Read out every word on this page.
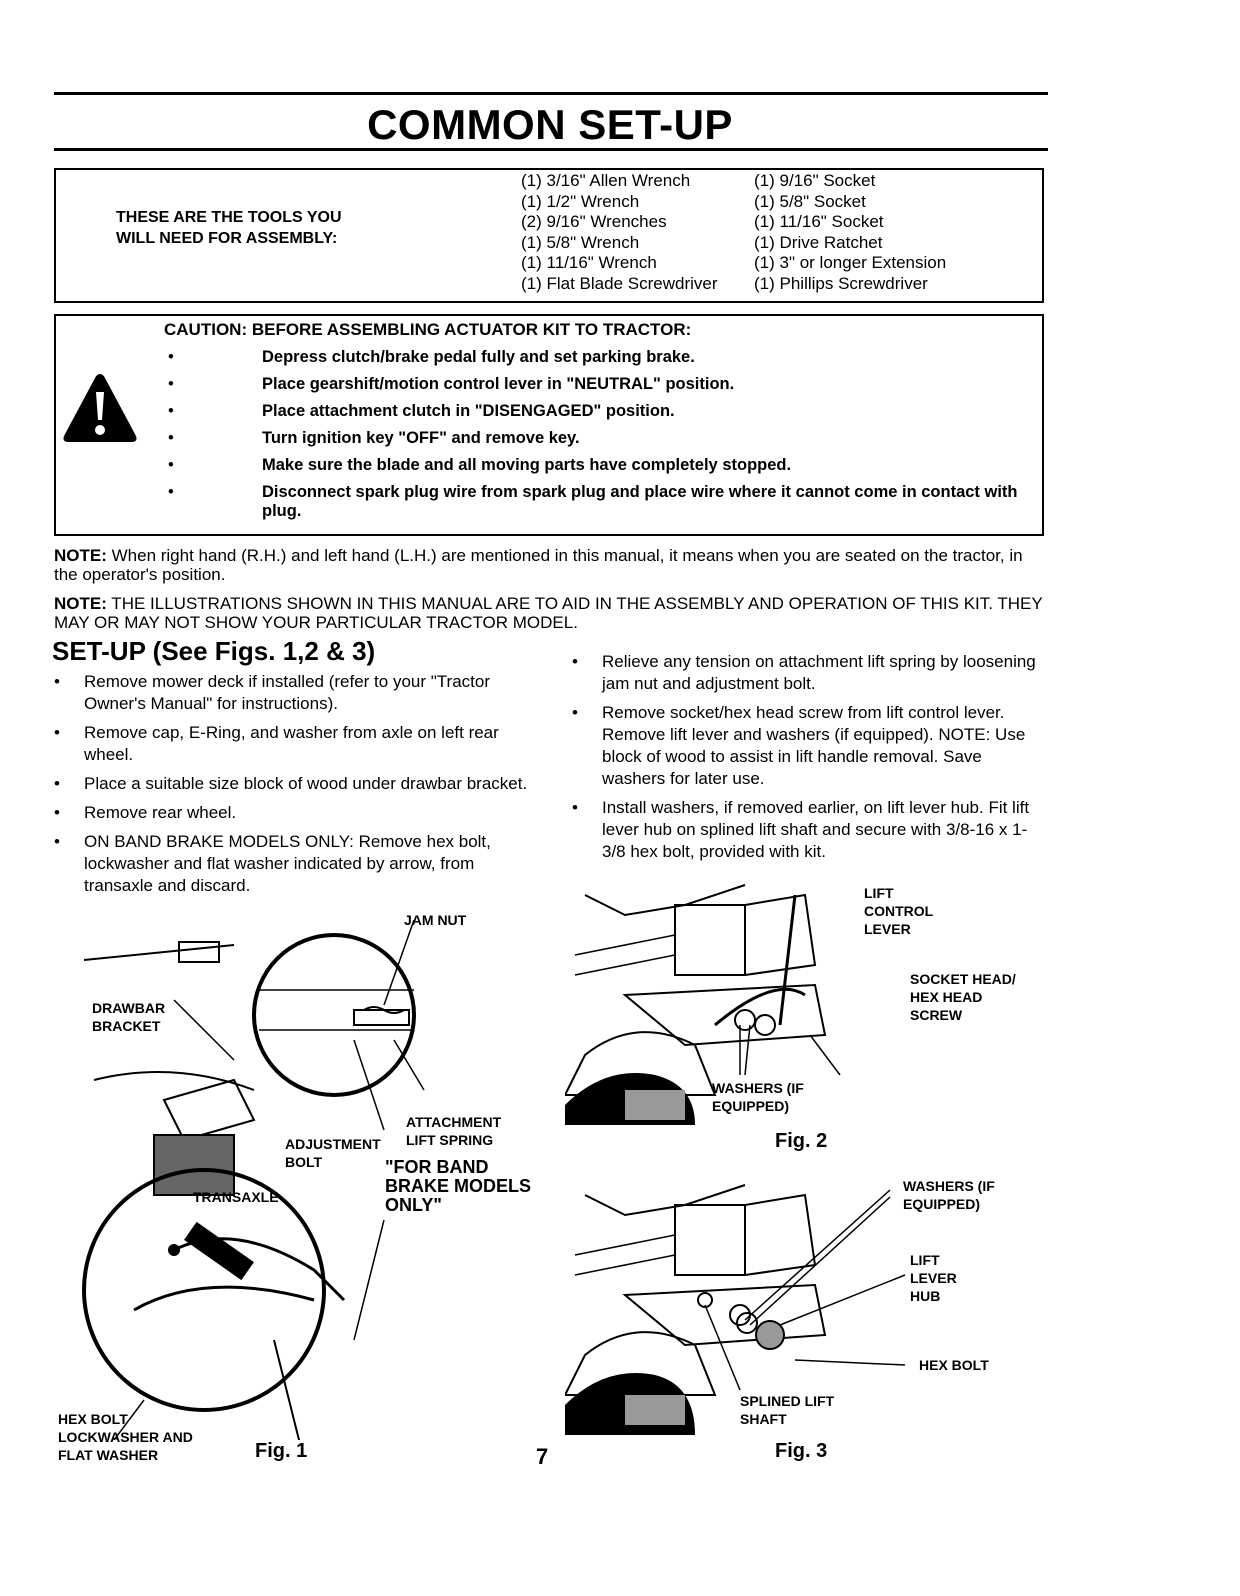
COMMON SET-UP
THESE ARE THE TOOLS YOU
WILL NEED FOR ASSEMBLY:
(1) 3/16" Allen Wrench
(1) 1/2" Wrench
(2) 9/16" Wrenches
(1) 5/8" Wrench
(1) 11/16" Wrench
(1) Flat Blade Screwdriver
(1) 9/16" Socket
(1) 5/8" Socket
(1) 11/16" Socket
(1) Drive Ratchet
(1) 3" or longer Extension
(1) Phillips Screwdriver
CAUTION: BEFORE ASSEMBLING ACTUATOR KIT TO TRACTOR:
• Depress clutch/brake pedal fully and set parking brake.
• Place gearshift/motion control lever in "NEUTRAL" position.
• Place attachment clutch in "DISENGAGED" position.
• Turn ignition key "OFF" and remove key.
• Make sure the blade and all moving parts have completely stopped.
• Disconnect spark plug wire from spark plug and place wire where it cannot come in contact with plug.
NOTE: When right hand (R.H.) and left hand (L.H.) are mentioned in this manual, it means when you are seated on the tractor, in the operator's position.
NOTE: THE ILLUSTRATIONS SHOWN IN THIS MANUAL ARE TO AID IN THE ASSEMBLY AND OPERATION OF THIS KIT. THEY MAY OR MAY NOT SHOW YOUR PARTICULAR TRACTOR MODEL.
SET-UP (See Figs. 1,2 & 3)
• Remove mower deck if installed (refer to your "Tractor Owner's Manual" for instructions).
• Remove cap, E-Ring, and washer from axle on left rear wheel.
• Place a suitable size block of wood under drawbar bracket.
• Remove rear wheel.
• ON BAND BRAKE MODELS ONLY: Remove hex bolt, lockwasher and flat washer indicated by arrow, from transaxle and discard.
• Relieve any tension on attachment lift spring by loosening jam nut and adjustment bolt.
• Remove socket/hex head screw from lift control lever. Remove lift lever and washers (if equipped). NOTE: Use block of wood to assist in lift handle removal. Save washers for later use.
• Install washers, if removed earlier, on lift lever hub. Fit lift lever hub on splined lift shaft and secure with 3/8-16 x 1-3/8 hex bolt, provided with kit.
JAM NUT
DRAWBAR BRACKET
ATTACHMENT LIFT SPRING
ADJUSTMENT BOLT	"FOR BAND BRAKE MODELS ONLY"
TRANSAXLE
HEX BOLT LOCKWASHER AND FLAT WASHER	Fig. 1
LIFT CONTROL LEVER
SOCKET HEAD/ HEX HEAD SCREW
WASHERS (IF EQUIPPED)
Fig. 2
WASHERS (IF EQUIPPED)
LIFT LEVER HUB
HEX BOLT
SPLINED LIFT SHAFT
Fig. 3
7
